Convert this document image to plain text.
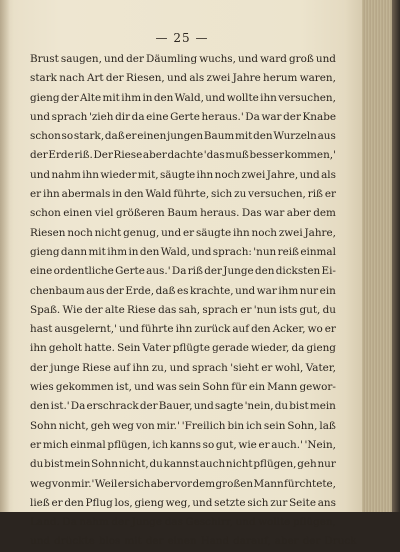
— 25 —
Brust saugen, und der Däumling wuchs, und ward groß und
stark nach Art der Riesen, und als zwei Jahre herum waren,
gieng der Alte mit ihm in den Wald, und wollte ihn versuchen,
und sprach 'zieh dir da eine Gerte heraus.' Da war der Knabe
schon so stark, daß er einen jungen Baum mit den Wurzeln aus
der Erde riß. Der Riese aber dachte 'das muß besser kommen,'
und nahm ihn wieder mit, säugte ihn noch zwei Jahre, und als
er ihn abermals in den Wald führte, sich zu versuchen, riß er
schon einen viel größeren Baum heraus. Das war aber dem
Riesen noch nicht genug, und er säugte ihn noch zwei Jahre,
gieng dann mit ihm in den Wald, und sprach: 'nun reiß einmal
eine ordentliche Gerte aus.' Da riß der Junge den dicksten Ei-
chenbaum aus der Erde, daß es krachte, und war ihm nur ein
Spaß. Wie der alte Riese das sah, sprach er 'nun ists gut, du
hast ausgelernt,' und führte ihn zurück auf den Acker, wo er
ihn geholt hatte. Sein Vater pflügte gerade wieder, da gieng
der junge Riese auf ihn zu, und sprach 'sieht er wohl, Vater,
wies gekommen ist, und was sein Sohn für ein Mann gewor-
den ist.' Da erschrack der Bauer, und sagte 'nein, du bist mein
Sohn nicht, geh weg von mir.' 'Freilich bin ich sein Sohn, laß
er mich einmal pflügen, ich kanns so gut, wie er auch.' 'Nein,
du bist mein Sohn nicht, du kannst auch nicht pflügen, geh nur
weg von mir.' Weil er sich aber vor dem großen Mann fürchtete,
ließ er den Pflug los, gieng weg, und setzte sich zur Seite ans
Land. Da nahm der Junge das Geschirr, und wollte pflügen,
und drückte blos mit der einen Hand darauf, aber der Druck
